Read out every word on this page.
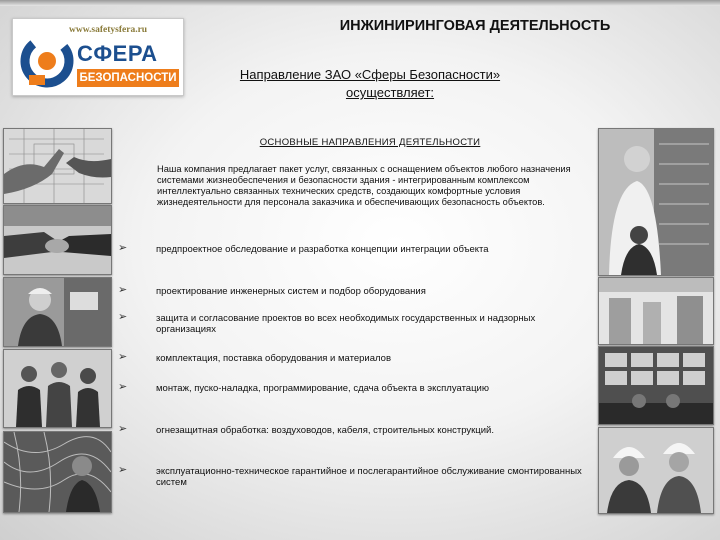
www.safetysfera.ru
СФЕРА
БЕЗОПАСНОСТИ
ИНЖИНИРИНГОВАЯ ДЕЯТЕЛЬНОСТЬ
Направление ЗАО «Сферы Безопасности»
осуществляет:
ОСНОВНЫЕ НАПРАВЛЕНИЯ ДЕЯТЕЛЬНОСТИ
Наша компания предлагает пакет услуг, связанных с оснащением объектов любого назначения системами жизнеобеспечения и безопасности здания - интегрированным комплексом интеллектуально связанных технических средств, создающих комфортные условия жизнедеятельности для персонала заказчика и обеспечивающих безопасность объектов.
➢	предпроектное обследование и разработка концепции интеграции объекта
➢	проектирование инженерных систем и подбор оборудования
➢	защита и согласование проектов во всех необходимых государственных и надзорных организациях
➢	комплектация, поставка оборудования и материалов
➢	монтаж, пуско-наладка, программирование, сдача объекта в эксплуатацию
➢	огнезащитная обработка: воздуховодов, кабеля, строительных конструкций.
➢	эксплуатационно-техническое гарантийное и послегарантийное обслуживание смонтированных систем
